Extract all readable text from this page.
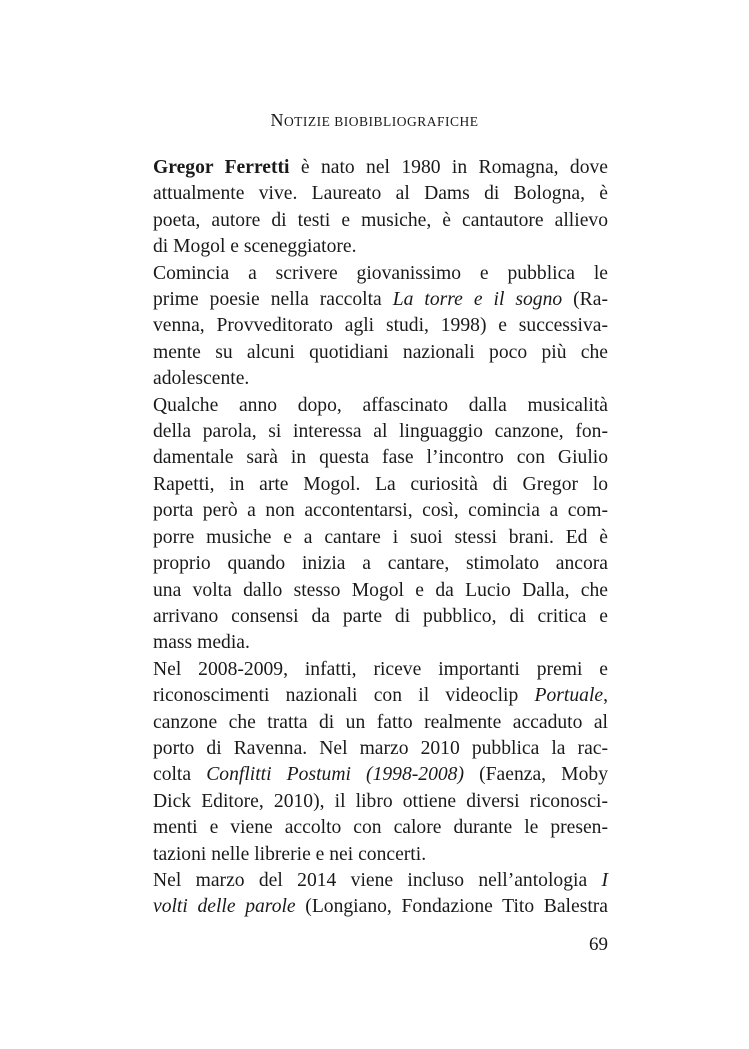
NOTIZIE BIOBIBLIOGRAFICHE

Gregor Ferretti è nato nel 1980 in Romagna, dove
attualmente vive. Laureato al Dams di Bologna, è
poeta, autore di testi e musiche, è cantautore allievo
di Mogol e sceneggiatore.

Comincia a scrivere giovanissimo e pubblica le
prime poesie nella raccolta La torre e il sogno (Ra-
venna, Provveditorato agli studi, 1998) e successiva-
mente su alcuni quotidiani nazionali poco più che
adolescente.

Qualche anno dopo, affascinato dalla musicalità
della parola, si interessa al linguaggio canzone, fon-
damentale sarà in questa fase l’incontro con Giulio
Rapetti, in arte Mogol. La curiosità di Gregor lo
porta però a non accontentarsi, così, comincia a com-
porre musiche e a cantare i suoi stessi brani. Ed è
proprio quando inizia a cantare, stimolato ancora
una volta dallo stesso Mogol e da Lucio Dalla, che
arrivano consensi da parte di pubblico, di critica e
mass media.

Nel 2008-2009, infatti, riceve importanti premi e
riconoscimenti nazionali con il videoclip Portuale,
canzone che tratta di un fatto realmente accaduto al
porto di Ravenna. Nel marzo 2010 pubblica la rac-
colta Conflitti Postumi (1998-2008) (Faenza, Moby
Dick Editore, 2010), il libro ottiene diversi riconosci-
menti e viene accolto con calore durante le presen-
tazioni nelle librerie e nei concerti.

Nel marzo del 2014 viene incluso nell’antologia I
volti delle parole (Longiano, Fondazione Tito Balestra

69
